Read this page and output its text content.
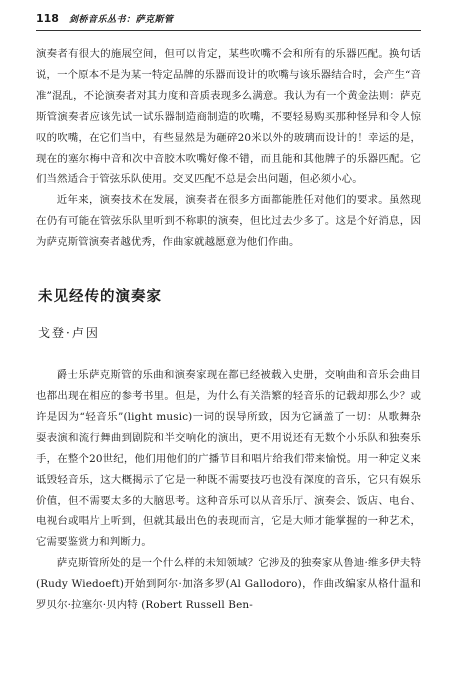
118 剑桥音乐丛书：萨克斯管

演奏者有很大的施展空间，但可以肯定，某些吹嘴不会和所有的乐器匹配。换句话说，一个原本不是为某一特定品牌的乐器而设计的吹嘴与该乐器结合时，会产生“音准”混乱，不论演奏者对其力度和音质表现多么满意。我认为有一个黄金法则：萨克斯管演奏者应该先试一试乐器制造商制造的吹嘴，不要轻易购买那种怪异和令人惊叹的吹嘴，在它们当中，有些显然是为砸碎20米以外的玻璃而设计的！幸运的是，现在的塞尔梅中音和次中音胶木吹嘴好像不错，而且能和其他牌子的乐器匹配。它们当然适合于管弦乐队使用。交叉匹配不总是会出问题，但必须小心。

近年来，演奏技术在发展，演奏者在很多方面都能胜任对他们的要求。虽然现在仍有可能在管弦乐队里听到不称职的演奏，但比过去少多了。这是个好消息，因为萨克斯管演奏者越优秀，作曲家就越愿意为他们作曲。

未见经传的演奏家
戈登·卢因

爵士乐萨克斯管的乐曲和演奏家现在都已经被载入史册，交响曲和音乐会曲目也都出现在相应的参考书里。但是，为什么有关浩繁的轻音乐的记载却那么少？或许是因为“轻音乐”(light music)一词的误导所致，因为它涵盖了一切：从歌舞杂耍表演和流行舞曲到剧院和半交响化的演出，更不用说还有无数个小乐队和独奏乐手，在整个20世纪，他们用他们的广播节目和唱片给我们带来愉悦。用一种定义来诋毁轻音乐，这大概揭示了它是一种既不需要技巧也没有深度的音乐，它只有娱乐价值，但不需要太多的大脑思考。这种音乐可以从音乐厅、演奏会、饭店、电台、电视台或唱片上听到，但就其最出色的表现而言，它是大师才能掌握的一种艺术，它需要鉴赏力和判断力。

萨克斯管所处的是一个什么样的未知领域？它涉及的独奏家从鲁迪·维多伊夫特(Rudy Wiedoeft)开始到阿尔·加洛多罗(Al Gallodoro)，作曲改编家从格什温和罗贝尔·拉塞尔·贝内特 (Robert Russell Ben-
